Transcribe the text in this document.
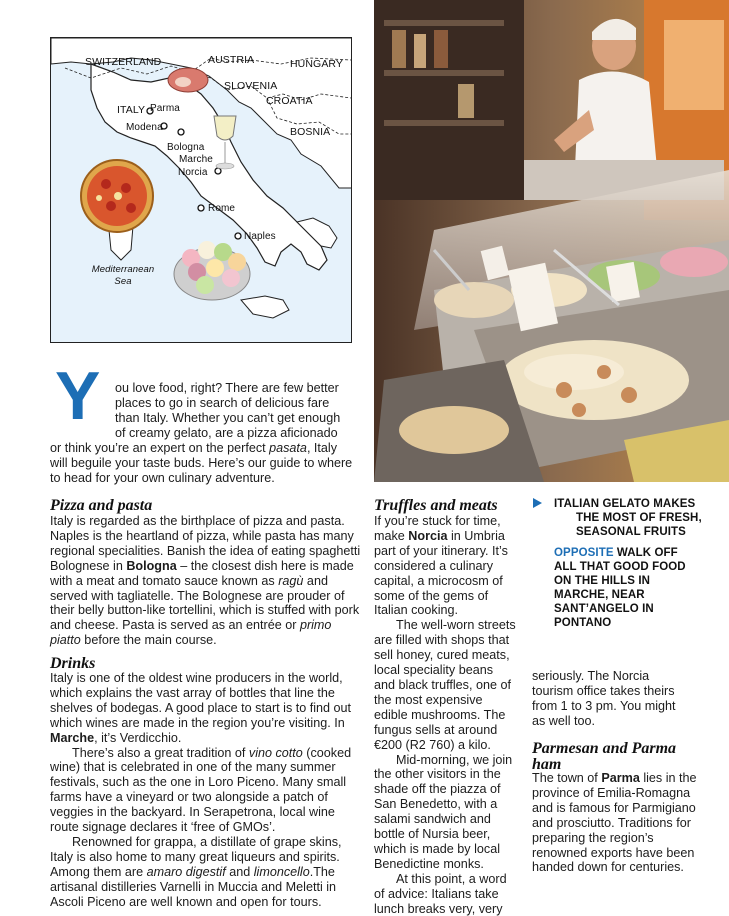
SWITZERLAND	AUSTRIA	HUNGARY
SLOVENIA
CROATIA
BOSNIA
ITALY Parma
Modena
Bologna
Marche
Norcia
Rome
Naples
Mediterranean Sea
Y ou love food, right? There are few better
places to go in search of delicious fare
than Italy. Whether you can’t get enough
of creamy gelato, are a pizza aficionado
or think you’re an expert on the perfect pasata, Italy
will beguile your taste buds. Here’s our guide to where
to head for your own culinary adventure.
Pizza and pasta

Italy is regarded as the birthplace of pizza and pasta. Naples is the heartland of pizza, while pasta has many regional specialities. Banish the idea of eating spaghetti Bolognese in Bologna – the closest dish here is made with a meat and tomato sauce known as ragù and served with tagliatelle. The Bolognese are prouder of their belly button-like tortellini, which is stuffed with pork and cheese. Pasta is served as an entrée or primo piatto before the main course.

Drinks

Italy is one of the oldest wine producers in the world, which explains the vast array of bottles that line the shelves of bodegas. A good place to start is to find out which wines are made in the region you’re visiting. In Marche, it’s Verdicchio.

There’s also a great tradition of vino cotto (cooked wine) that is celebrated in one of the many summer festivals, such as the one in Loro Piceno. Many small farms have a vineyard or two alongside a patch of veggies in the backyard. In Serapetrona, local wine route signage declares it ‘free of GMOs’.

Renowned for grappa, a distillate of grape skins, Italy is also home to many great liqueurs and spirits. Among them are amaro digestif and limoncello.The artisanal distilleries Varnelli in Muccia and Meletti in Ascoli Piceno are well known and open for tours.

Truffles and meats

If you’re stuck for time, make Norcia in Umbria part of your itinerary. It’s considered a culinary capital, a microcosm of some of the gems of Italian cooking.

The well-worn streets are filled with shops that sell honey, cured meats, local speciality beans and black truffles, one of the most expensive edible mushrooms. The fungus sells at around €200 (R2 760) a kilo.

Mid-morning, we join the other visitors in the shade off the piazza of San Benedetto, with a salami sandwich and bottle of Nursia beer, which is made by local Benedictine monks.

At this point, a word of advice: Italians take lunch breaks very, very

ITALIAN GELATO MAKES THE MOST OF FRESH, SEASONAL FRUITS

OPPOSITE WALK OFF ALL THAT GOOD FOOD ON THE HILLS IN MARCHE, NEAR SANT’ANGELO IN PONTANO

seriously. The Norcia tourism office takes theirs from 1 to 3 pm. You might as well too.
Parmesan and Parma ham

The town of Parma lies in the province of Emilia-Romagna and is famous for Parmigiano and prosciutto. Traditions for preparing the region’s renowned exports have been handed down for centuries.
